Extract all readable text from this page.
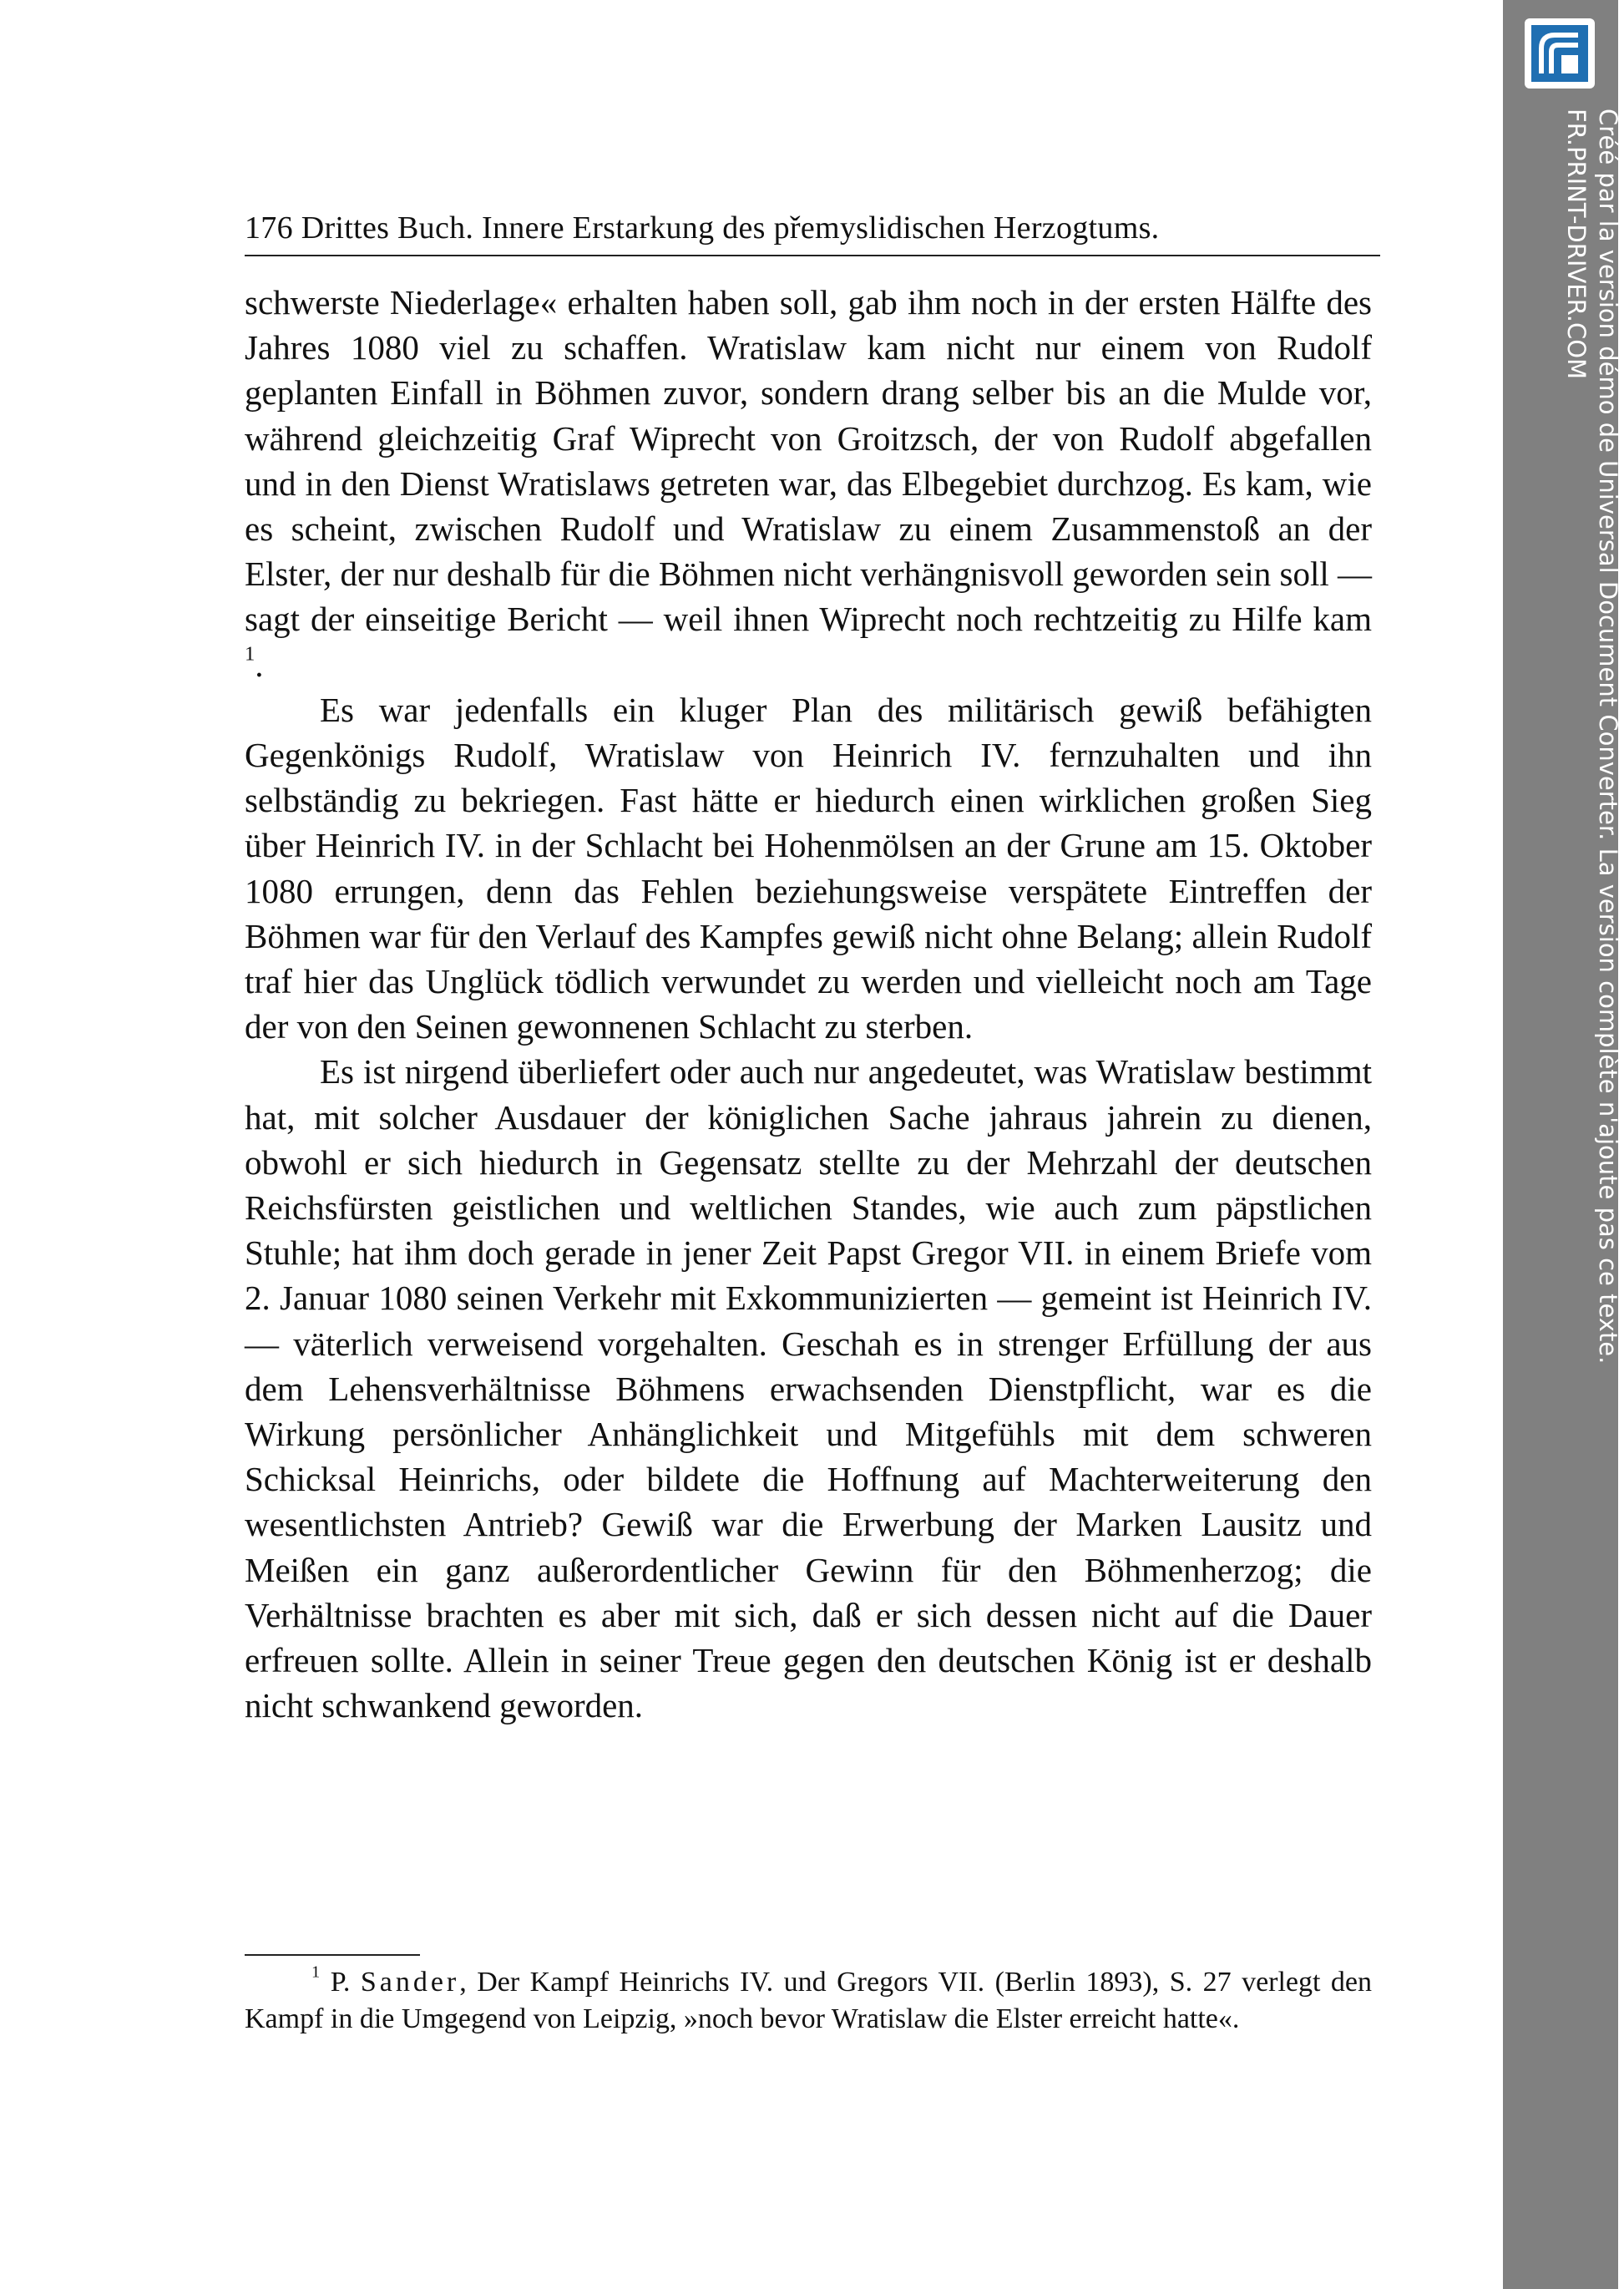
176 Drittes Buch. Innere Erstarkung des přemyslidischen Herzogtums.

schwerste Niederlage« erhalten haben soll, gab ihm noch in der ersten Hälfte des Jahres 1080 viel zu schaffen. Wratislaw kam nicht nur einem von Rudolf geplanten Einfall in Böhmen zuvor, sondern drang selber bis an die Mulde vor, während gleichzeitig Graf Wiprecht von Groitzsch, der von Rudolf abgefallen und in den Dienst Wratislaws getreten war, das Elbegebiet durchzog. Es kam, wie es scheint, zwischen Rudolf und Wratislaw zu einem Zusammenstoß an der Elster, der nur deshalb für die Böhmen nicht verhängnisvoll geworden sein soll — sagt der einseitige Bericht — weil ihnen Wiprecht noch rechtzeitig zu Hilfe kam $^1$.

Es war jedenfalls ein kluger Plan des militärisch gewiß befähigten Gegenkönigs Rudolf, Wratislaw von Heinrich IV. fernzuhalten und ihn selbständig zu bekriegen. Fast hätte er hiedurch einen wirklichen großen Sieg über Heinrich IV. in der Schlacht bei Hohenmölsen an der Grune am 15. Oktober 1080 errungen, denn das Fehlen beziehungsweise verspätete Eintreffen der Böhmen war für den Verlauf des Kampfes gewiß nicht ohne Belang; allein Rudolf traf hier das Unglück tödlich verwundet zu werden und vielleicht noch am Tage der von den Seinen gewonnenen Schlacht zu sterben.

Es ist nirgend überliefert oder auch nur angedeutet, was Wratislaw bestimmt hat, mit solcher Ausdauer der königlichen Sache jahraus jahrein zu dienen, obwohl er sich hiedurch in Gegensatz stellte zu der Mehrzahl der deutschen Reichsfürsten geistlichen und weltlichen Standes, wie auch zum päpstlichen Stuhle; hat ihm doch gerade in jener Zeit Papst Gregor VII. in einem Briefe vom 2. Januar 1080 seinen Verkehr mit Exkommunizierten — gemeint ist Heinrich IV. — väterlich verweisend vorgehalten. Geschah es in strenger Erfüllung der aus dem Lehensverhältnisse Böhmens erwachsenden Dienstpflicht, war es die Wirkung persönlicher Anhänglichkeit und Mitgefühls mit dem schweren Schicksal Heinrichs, oder bildete die Hoffnung auf Machterweiterung den wesentlichsten Antrieb? Gewiß war die Erwerbung der Marken Lausitz und Meißen ein ganz außerordentlicher Gewinn für den Böhmenherzog; die Verhältnisse brachten es aber mit sich, daß er sich dessen nicht auf die Dauer erfreuen sollte. Allein in seiner Treue gegen den deutschen König ist er deshalb nicht schwankend geworden.

$^1$ P. Sander, Der Kampf Heinrichs IV. und Gregors VII. (Berlin 1893), S. 27 verlegt den Kampf in die Umgegend von Leipzig, »noch bevor Wratislaw die Elster erreicht hatte«.

Créé par la version démo de Universal Document Converter. La version complète n'ajoute pas ce texte.
FR.PRINT-DRIVER.COM
